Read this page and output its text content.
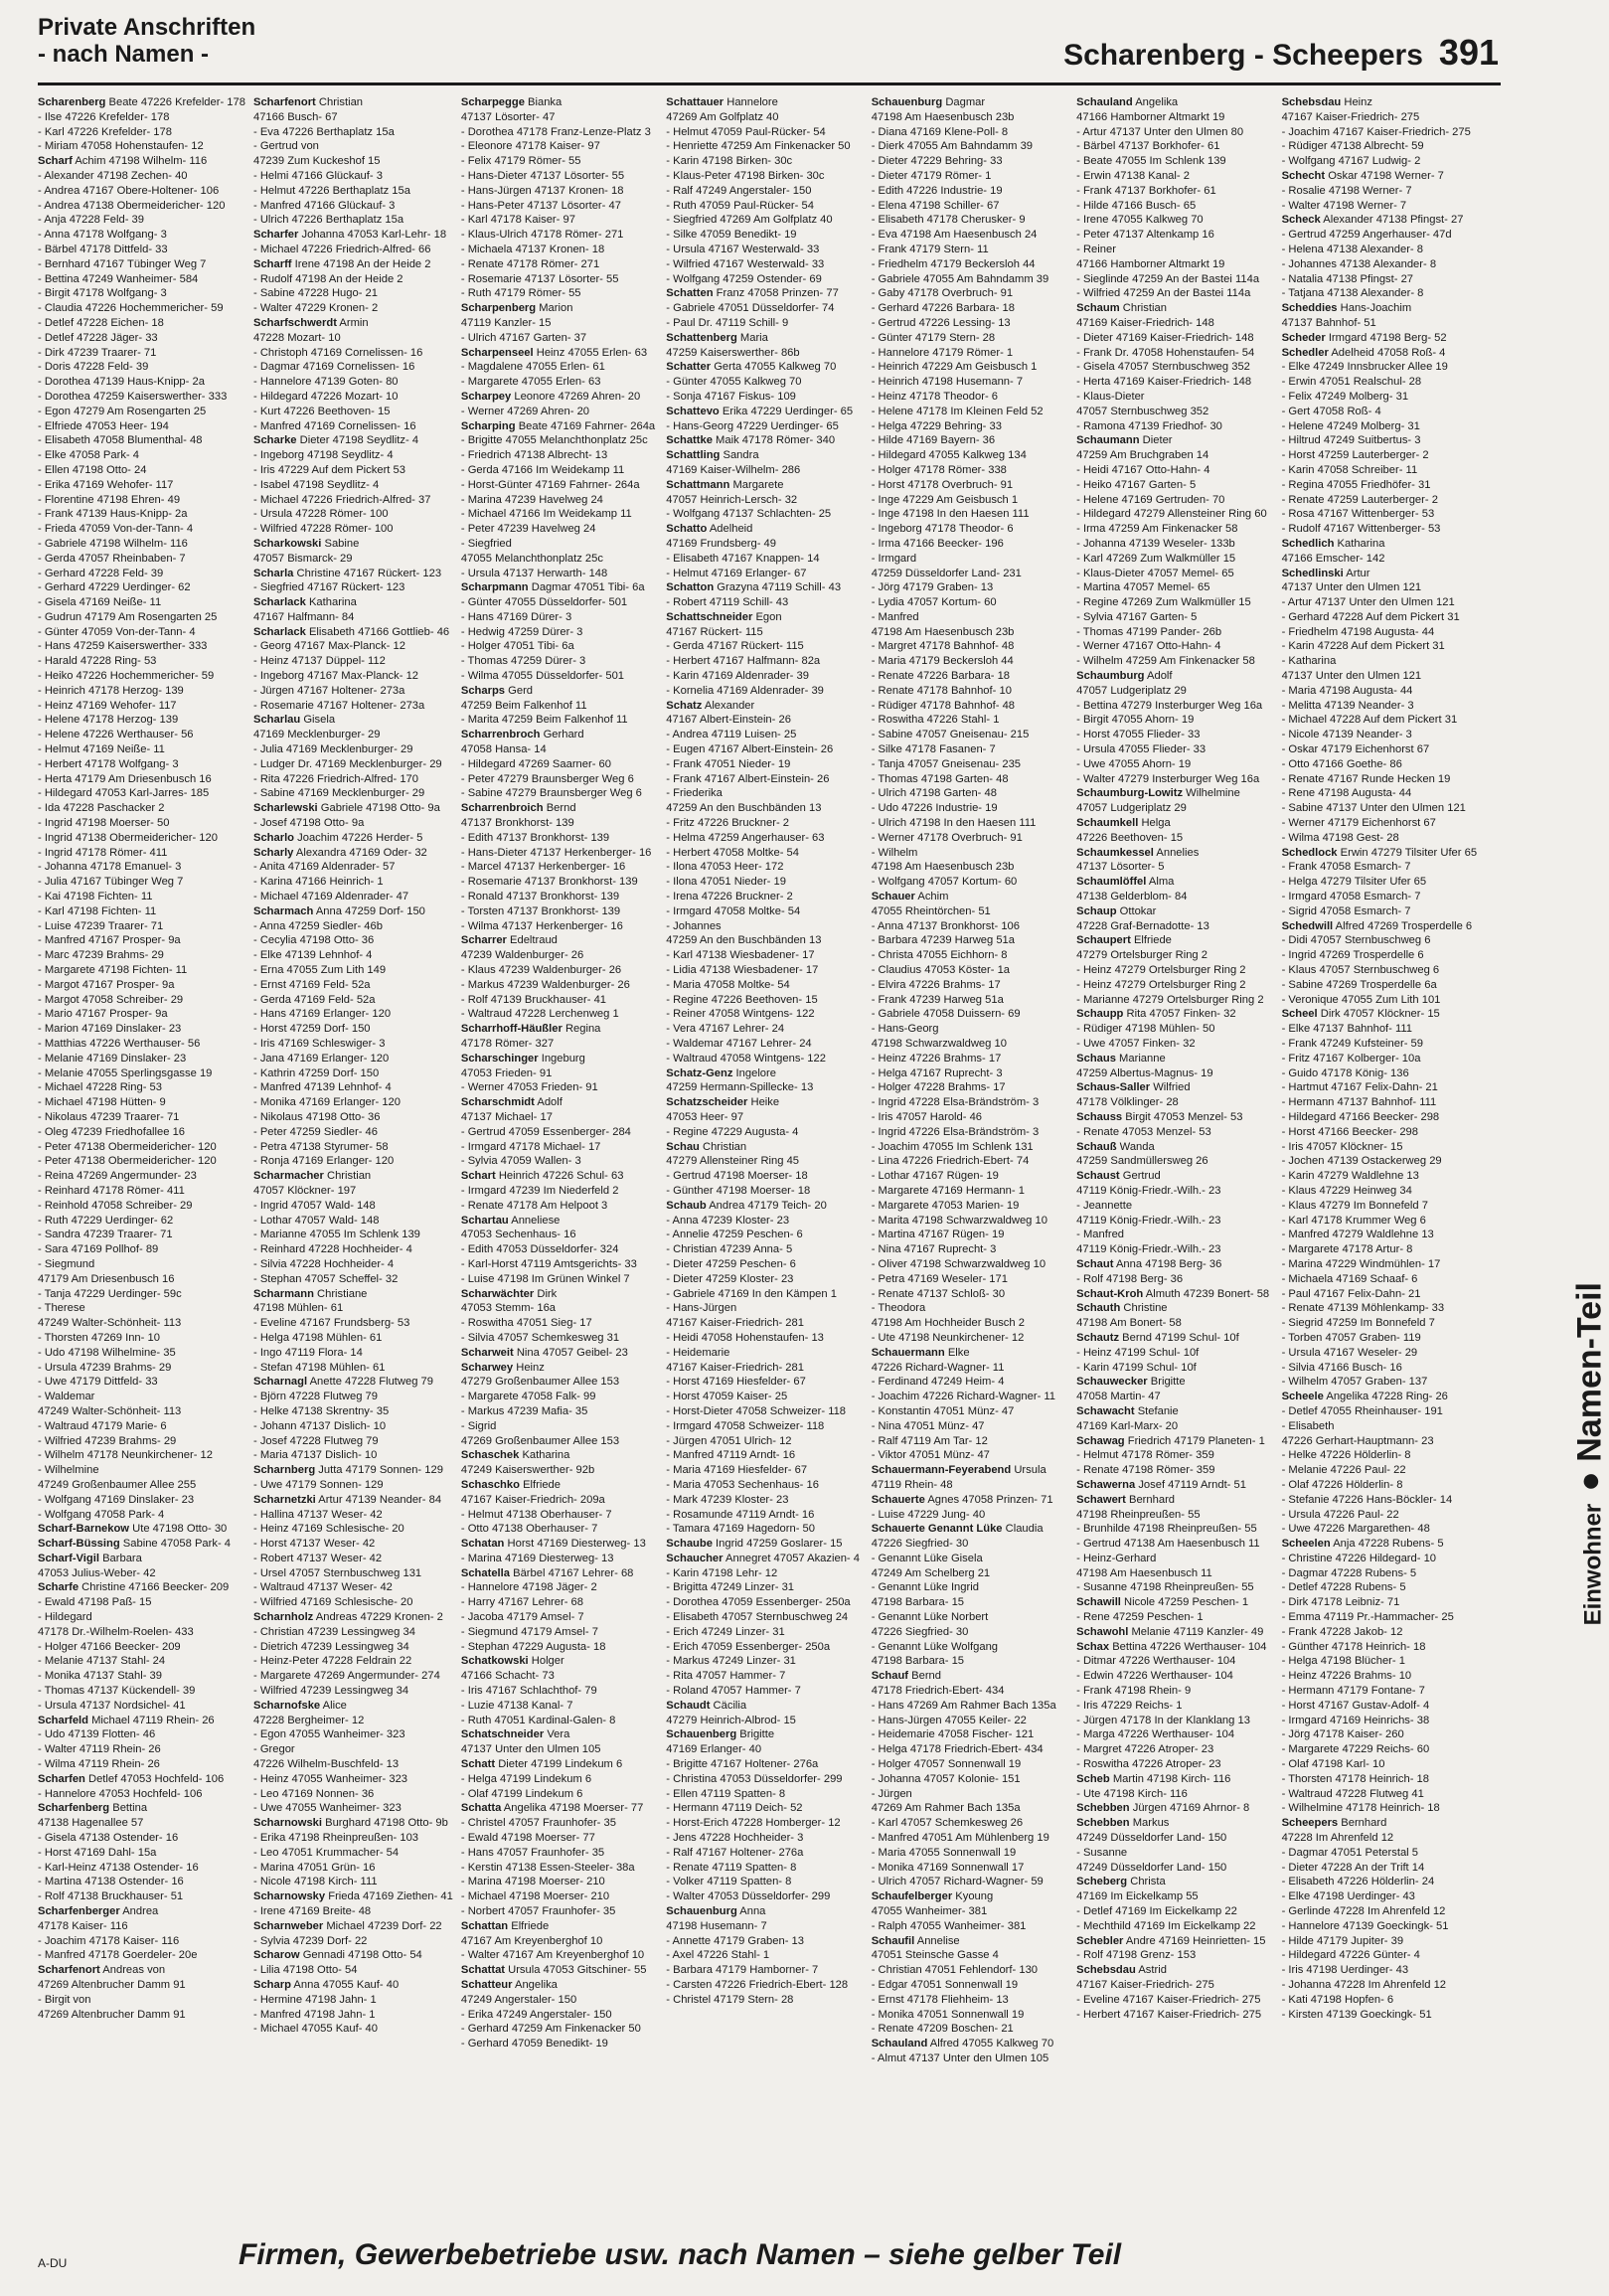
Private Anschriften
- nach Namen -	Scharenberg - Scheepers 391
Scharenberg Beate 47226 Krefelder- 178
- Ilse 47226 Krefelder- 178
- Karl 47226 Krefelder- 178
- Miriam 47058 Hohenstaufen- 12
Scharf Achim 47198 Wilhelm- 116
- Alexander 47198 Zechen- 40
- Andrea 47167 Obere-Holtener- 106
- Andrea 47138 Obermeidericher- 120
- Anja 47228 Feld- 39
- Anna 47178 Wolfgang- 3
- Bärbel 47178 Dittfeld- 33
- Bernhard 47167 Tübinger Weg 7
- Bettina 47249 Wanheimer- 584
- Birgit 47178 Wolfgang- 3
- Claudia 47226 Hochemmericher- 59
- Detlef 47228 Eichen- 18
- Detlef 47228 Jäger- 33
- Dirk 47239 Traarer- 71
- Doris 47228 Feld- 39
- Dorothea 47139 Haus-Knipp- 2a
- Dorothea 47259 Kaiserswerther- 333
- Egon 47279 Am Rosengarten 25
- Elfriede 47053 Heer- 194
- Elisabeth 47058 Blumenthal- 48
- Elke 47058 Park- 4
- Ellen 47198 Otto- 24
- Erika 47169 Wehofer- 117
- Florentine 47198 Ehren- 49
- Frank 47139 Haus-Knipp- 2a
- Frieda 47059 Von-der-Tann- 4
- Gabriele 47198 Wilhelm- 116
- Gerda 47057 Rheinbaben- 7
- Gerhard 47228 Feld- 39
- Gerhard 47229 Uerdinger- 62
- Gisela 47169 Neiße- 11
- Gudrun 47179 Am Rosengarten 25
- Günter 47059 Von-der-Tann- 4
- Hans 47259 Kaiserswerther- 333
- Harald 47228 Ring- 53
- Heiko 47226 Hochemmericher- 59
- Heinrich 47178 Herzog- 139
- Heinz 47169 Wehofer- 117
- Helene 47178 Herzog- 139
- Helene 47226 Werthauser- 56
- Helmut 47169 Neiße- 11
- Herbert 47178 Wolfgang- 3
- Herta 47179 Am Driesenbusch 16
- Hildegard 47053 Karl-Jarres- 185
- Ida 47228 Paschacker 2
- Ingrid 47198 Moerser- 50
- Ingrid 47138 Obermeidericher- 120
- Ingrid 47178 Römer- 411
- Johanna 47178 Emanuel- 3
- Julia 47167 Tübinger Weg 7
- Kai 47198 Fichten- 11
- Karl 47198 Fichten- 11
- Luise 47239 Traarer- 71
- Manfred 47167 Prosper- 9a
- Marc 47239 Brahms- 29
- Margarete 47198 Fichten- 11
- Margot 47167 Prosper- 9a
- Margot 47058 Schreiber- 29
- Mario 47167 Prosper- 9a
- Marion 47169 Dinslaker- 23
- Matthias 47226 Werthauser- 56
- Melanie 47169 Dinslaker- 23
- Melanie 47055 Sperlingsgasse 19
- Michael 47228 Ring- 53
- Michael 47198 Hütten- 9
- Nikolaus 47239 Traarer- 71
- Oleg 47239 Friedhofallee 16
- Peter 47138 Obermeidericher- 120
- Peter 47138 Obermeidericher- 120
- Reina 47269 Angermunder- 23
- Reinhard 47178 Römer- 411
- Reinhold 47058 Schreiber- 29
- Ruth 47229 Uerdinger- 62
- Sandra 47239 Traarer- 71
- Sara 47169 Pollhof- 89
- Siegmund
47179 Am Driesenbusch 16
- Tanja 47229 Uerdinger- 59c
- Therese
47249 Walter-Schönheit- 113
- Thorsten 47269 Inn- 10
- Udo 47198 Wilhelmine- 35
- Ursula 47239 Brahms- 29
- Uwe 47179 Dittfeld- 33
- Waldemar
47249 Walter-Schönheit- 113
- Waltraud 47179 Marie- 6
- Wilfried 47239 Brahms- 29
- Wilhelm 47178 Neunkirchener- 12
- Wilhelmine
47249 Großenbaumer Allee 255
- Wolfgang 47169 Dinslaker- 23
- Wolfgang 47058 Park- 4
Scharf-Barnekow Ute 47198 Otto- 30
Scharf-Büssing Sabine 47058 Park- 4
Scharf-Vigil Barbara
47053 Julius-Weber- 42
Scharfe Christine 47166 Beecker- 209
- Ewald 47198 Paß- 15
- Hildegard
47178 Dr.-Wilhelm-Roelen- 433
- Holger 47166 Beecker- 209
- Melanie 47137 Stahl- 24
- Monika 47137 Stahl- 39
- Thomas 47137 Kückendell- 39
- Ursula 47137 Nordsichel- 41
Scharfeld Michael 47119 Rhein- 26
- Udo 47139 Flotten- 46
- Walter 47119 Rhein- 26
- Wilma 47119 Rhein- 26
Scharfen Detlef 47053 Hochfeld- 106
- Hannelore 47053 Hochfeld- 106
Scharfenberg Bettina
47138 Hagenallee 57
- Gisela 47138 Ostender- 16
- Horst 47169 Dahl- 15a
- Karl-Heinz 47138 Ostender- 16
- Martina 47138 Ostender- 16
- Rolf 47138 Bruckhauser- 51
Scharfenberger Andrea
47178 Kaiser- 116
- Joachim 47178 Kaiser- 116
- Manfred 47178 Goerdeler- 20e
Scharfenort Andreas von
47269 Altenbrucher Damm 91
- Birgit von
47269 Altenbrucher Damm 91
Scharfenort Christian
47166 Busch- 67
- Eva 47226 Berthaplatz 15a
- Gertrud von
47239 Zum Kuckeshof 15
- Helmi 47166 Glückauf- 3
- Helmut 47226 Berthaplatz 15a
- Manfred 47166 Glückauf- 3
- Ulrich 47226 Berthaplatz 15a
Scharfer Johanna 47053 Karl-Lehr- 18
- Michael 47226 Friedrich-Alfred- 66
Scharff Irene 47198 An der Heide 2
- Rudolf 47198 An der Heide 2
- Sabine 47228 Hugo- 21
- Walter 47229 Kronen- 2
Scharfschwerdt Armin
47228 Mozart- 10
- Christoph 47169 Cornelissen- 16
- Dagmar 47169 Cornelissen- 16
- Hannelore 47139 Goten- 80
- Hildegard 47226 Mozart- 10
- Kurt 47226 Beethoven- 15
- Manfred 47169 Cornelissen- 16
Scharke Dieter 47198 Seydlitz- 4
- Ingeborg 47198 Seydlitz- 4
- Iris 47229 Auf dem Pickert 53
- Isabel 47198 Seydlitz- 4
- Michael 47226 Friedrich-Alfred- 37
- Ursula 47228 Römer- 100
- Wilfried 47228 Römer- 100
Scharkowski Sabine
47057 Bismarck- 29
Scharla Christine 47167 Rückert- 123
- Siegfried 47167 Rückert- 123
Scharlack Katharina
47167 Halfmann- 84
Scharlack Elisabeth 47166 Gottlieb- 46
- Georg 47167 Max-Planck- 12
- Heinz 47137 Düppel- 112
- Ingeborg 47167 Max-Planck- 12
- Jürgen 47167 Holtener- 273a
- Rosemarie 47167 Holtener- 273a
Scharlau Gisela
47169 Mecklenburger- 29
- Julia 47169 Mecklenburger- 29
- Ludger Dr. 47169 Mecklenburger- 29
- Rita 47226 Friedrich-Alfred- 170
- Sabine 47169 Mecklenburger- 29
Scharlewski Gabriele 47198 Otto- 9a
- Josef 47198 Otto- 9a
Scharlo Joachim 47226 Herder- 5
Scharly Alexandra 47169 Oder- 32
- Anita 47169 Aldenrader- 57
- Karina 47166 Heinrich- 1
- Michael 47169 Aldenrader- 47
Scharmach Anna 47259 Dorf- 150
- Anna 47259 Siedler- 46b
- Cecylia 47198 Otto- 36
- Elke 47139 Lehnhof- 4
- Erna 47055 Zum Lith 149
- Ernst 47169 Feld- 52a
- Gerda 47169 Feld- 52a
- Hans 47169 Erlanger- 120
- Horst 47259 Dorf- 150
- Iris 47169 Schleswiger- 3
- Jana 47169 Erlanger- 120
- Kathrin 47259 Dorf- 150
- Manfred 47139 Lehnhof- 4
- Monika 47169 Erlanger- 120
- Nikolaus 47198 Otto- 36
- Peter 47259 Siedler- 46
- Petra 47138 Styrumer- 58
- Ronja 47169 Erlanger- 120
Scharmacher Christian
47057 Klöckner- 197
- Ingrid 47057 Wald- 148
- Lothar 47057 Wald- 148
- Marianne 47055 Im Schlenk 139
- Reinhard 47228 Hochheider- 4
- Silvia 47228 Hochheider- 4
- Stephan 47057 Scheffel- 32
Scharmann Christiane
47198 Mühlen- 61
- Eveline 47167 Frundsberg- 53
- Helga 47198 Mühlen- 61
- Ingo 47119 Flora- 14
- Stefan 47198 Mühlen- 61
Scharnagl Anette 47228 Flutweg 79
- Björn 47228 Flutweg 79
- Helke 47138 Skrentny- 35
- Johann 47137 Dislich- 10
- Josef 47228 Flutweg 79
- Maria 47137 Dislich- 10
Scharnberg Jutta 47179 Sonnen- 129
- Uwe 47179 Sonnen- 129
Scharnetzki Artur 47139 Neander- 84
- Hallina 47137 Weser- 42
- Heinz 47169 Schlesische- 20
- Horst 47137 Weser- 42
- Robert 47137 Weser- 42
- Ursel 47057 Sternbuschweg 131
- Waltraud 47137 Weser- 42
- Wilfried 47169 Schlesische- 20
Scharnholz Andreas 47229 Kronen- 2
- Christian 47239 Lessingweg 34
- Dietrich 47239 Lessingweg 34
- Heinz-Peter 47228 Feldrain 22
- Margarete 47269 Angermunder- 274
- Wilfried 47239 Lessingweg 34
Scharnofske Alice
47228 Bergheimer- 12
- Egon 47055 Wanheimer- 323
- Gregor
47226 Wilhelm-Buschfeld- 13
- Heinz 47055 Wanheimer- 323
- Leo 47169 Nonnen- 36
- Uwe 47055 Wanheimer- 323
Scharnowski Burghard 47198 Otto- 9b
- Erika 47198 Rheinpreußen- 103
- Leo 47051 Krummacher- 54
- Marina 47051 Grün- 16
- Nicole 47198 Kirch- 111
Scharnowsky Frieda 47169 Ziethen- 41
- Irene 47169 Breite- 48
Scharnweber Michael 47239 Dorf- 22
- Sylvia 47239 Dorf- 22
Scharow Gennadi 47198 Otto- 54
- Lilia 47198 Otto- 54
Scharp Anna 47055 Kauf- 40
- Hermine 47198 Jahn- 1
- Manfred 47198 Jahn- 1
- Michael 47055 Kauf- 40
Scharpegge Bianka
47137 Lösorter- 47
- Dorothea 47178 Franz-Lenze-Platz 3
- Eleonore 47178 Kaiser- 97
- Felix 47179 Römer- 55
- Hans-Dieter 47137 Lösorter- 55
- Hans-Jürgen 47137 Kronen- 18
- Hans-Peter 47137 Lösorter- 47
- Karl 47178 Kaiser- 97
- Klaus-Ulrich 47178 Römer- 271
- Michaela 47137 Kronen- 18
- Renate 47178 Römer- 271
- Rosemarie 47137 Lösorter- 55
- Ruth 47179 Römer- 55
Scharpenberg Marion
47119 Kanzler- 15
- Ulrich 47167 Garten- 37
Scharpenseel Heinz 47055 Erlen- 63
- Magdalene 47055 Erlen- 61
- Margarete 47055 Erlen- 63
Scharpey Leonore 47269 Ahren- 20
- Werner 47269 Ahren- 20
Scharping Beate 47169 Fahrner- 264a
- Brigitte 47055 Melanchthonplatz 25c
- Friedrich 47138 Albrecht- 13
- Gerda 47166 Im Weidekamp 11
- Horst-Günter 47169 Fahrner- 264a
- Marina 47239 Havelweg 24
- Michael 47166 Im Weidekamp 11
- Peter 47239 Havelweg 24
- Siegfried
47055 Melanchthonplatz 25c
- Ursula 47137 Herwarth- 148
Scharpmann Dagmar 47051 Tibi- 6a
- Günter 47055 Düsseldorfer- 501
- Hans 47169 Dürer- 3
- Hedwig 47259 Dürer- 3
- Holger 47051 Tibi- 6a
- Thomas 47259 Dürer- 3
- Wilma 47055 Düsseldorfer- 501
Scharps Gerd
47259 Beim Falkenhof 11
- Marita 47259 Beim Falkenhof 11
Scharrenbroch Gerhard
47058 Hansa- 14
- Hildegard 47269 Saarner- 60
- Peter 47279 Braunsberger Weg 6
- Sabine 47279 Braunsberger Weg 6
Scharrenbroich Bernd
47137 Bronkhorst- 139
- Edith 47137 Bronkhorst- 139
- Hans-Dieter 47137 Herkenberger- 16
- Marcel 47137 Herkenberger- 16
- Rosemarie 47137 Bronkhorst- 139
- Ronald 47137 Bronkhorst- 139
- Torsten 47137 Bronkhorst- 139
- Wilma 47137 Herkenberger- 16
Scharrer Edeltraud
47239 Waldenburger- 26
- Klaus 47239 Waldenburger- 26
- Markus 47239 Waldenburger- 26
- Rolf 47139 Bruckhauser- 41
- Waltraud 47228 Lerchenweg 1
Scharrhoff-Häußler Regina
47178 Römer- 327
Scharschinger Ingeburg
47053 Frieden- 91
- Werner 47053 Frieden- 91
Scharschmidt Adolf
47137 Michael- 17
- Gertrud 47059 Essenberger- 284
- Irmgard 47178 Michael- 17
- Sylvia 47059 Wallen- 3
Schart Heinrich 47226 Schul- 63
- Irmgard 47239 Im Niederfeld 2
- Renate 47178 Am Helpoot 3
Schartau Anneliese
47053 Sechenhaus- 16
- Edith 47053 Düsseldorfer- 324
- Karl-Horst 47119 Amtsgerichts- 33
- Luise 47198 Im Grünen Winkel 7
Scharwächter Dirk
47053 Stemm- 16a
- Roswitha 47051 Sieg- 17
- Silvia 47057 Schemkesweg 31
Scharweit Nina 47057 Geibel- 23
Scharwey Heinz
47279 Großenbaumer Allee 153
- Margarete 47058 Falk- 99
- Markus 47239 Mafia- 35
- Sigrid
47269 Großenbaumer Allee 153
Schaschek Katharina
47249 Kaiserswerther- 92b
Schaschko Elfriede
47167 Kaiser-Friedrich- 209a
- Helmut 47138 Oberhauser- 7
- Otto 47138 Oberhauser- 7
Schatan Horst 47169 Diesterweg- 13
- Marina 47169 Diesterweg- 13
Schatella Bärbel 47167 Lehrer- 68
- Hannelore 47198 Jäger- 2
- Harry 47167 Lehrer- 68
- Jacoba 47179 Amsel- 7
- Siegmund 47179 Amsel- 7
- Stephan 47229 Augusta- 18
Schatkowski Holger
47166 Schacht- 73
- Iris 47167 Schlachthof- 79
- Luzie 47138 Kanal- 7
- Ruth 47051 Kardinal-Galen- 8
Schatschneider Vera
47137 Unter den Ulmen 105
Schatt Dieter 47199 Lindekum 6
- Helga 47199 Lindekum 6
- Olaf 47199 Lindekum 6
Schatta Angelika 47198 Moerser- 77
- Christel 47057 Fraunhofer- 35
- Ewald 47198 Moerser- 77
- Hans 47057 Fraunhofer- 35
- Kerstin 47138 Essen-Steeler- 38a
- Marina 47198 Moerser- 210
- Michael 47198 Moerser- 210
- Norbert 47057 Fraunhofer- 35
Schattan Elfriede
47167 Am Kreyenberghof 10
- Walter 47167 Am Kreyenberghof 10
Schattat Ursula 47053 Gitschiner- 55
Schatteur Angelika
47249 Angerstaler- 150
- Erika 47249 Angerstaler- 150
- Gerhard 47259 Am Finkenacker 50
- Gerhard 47059 Benedikt- 19
Schattauer Hannelore
47269 Am Golfplatz 40
- Helmut 47059 Paul-Rücker- 54
- Henriette 47259 Am Finkenacker 50
- Karin 47198 Birken- 30c
- Klaus-Peter 47198 Birken- 30c
- Ralf 47249 Angerstaler- 150
- Ruth 47059 Paul-Rücker- 54
- Siegfried 47269 Am Golfplatz 40
- Silke 47059 Benedikt- 19
- Ursula 47167 Westerwald- 33
- Wilfried 47167 Westerwald- 33
- Wolfgang 47259 Ostender- 69
Schatten Franz 47058 Prinzen- 77
- Gabriele 47051 Düsseldorfer- 74
- Paul Dr. 47119 Schill- 9
Schattenberg Maria
47259 Kaiserswerther- 86b
Schatter Gerta 47055 Kalkweg 70
- Günter 47055 Kalkweg 70
- Sonja 47167 Fiskus- 109
Schattevo Erika 47229 Uerdinger- 65
- Hans-Georg 47229 Uerdinger- 65
Schattke Maik 47178 Römer- 340
Schattling Sandra
47169 Kaiser-Wilhelm- 286
Schattmann Margarete
47057 Heinrich-Lersch- 32
- Wolfgang 47137 Schlachten- 25
Schatto Adelheid
47169 Frundsberg- 49
- Elisabeth 47167 Knappen- 14
- Helmut 47169 Erlanger- 67
Schatton Grazyna 47119 Schill- 43
- Robert 47119 Schill- 43
Schattschneider Egon
47167 Rückert- 115
- Gerda 47167 Rückert- 115
- Herbert 47167 Halfmann- 82a
- Karin 47169 Aldenrader- 39
- Kornelia 47169 Aldenrader- 39
Schatz Alexander
47167 Albert-Einstein- 26
- Andrea 47119 Luisen- 25
- Eugen 47167 Albert-Einstein- 26
- Frank 47051 Nieder- 19
- Frank 47167 Albert-Einstein- 26
- Friederika
47259 An den Buschbänden 13
- Fritz 47226 Bruckner- 2
- Helma 47259 Angerhauser- 63
- Herbert 47058 Moltke- 54
- Ilona 47053 Heer- 172
- Ilona 47051 Nieder- 19
- Irena 47226 Bruckner- 2
- Irmgard 47058 Moltke- 54
- Johannes
47259 An den Buschbänden 13
- Karl 47138 Wiesbadener- 17
- Lidia 47138 Wiesbadener- 17
- Maria 47058 Moltke- 54
- Regine 47226 Beethoven- 15
- Reiner 47058 Wintgens- 122
- Vera 47167 Lehrer- 24
- Waldemar 47167 Lehrer- 24
- Waltraud 47058 Wintgens- 122
Schatz-Genz Ingelore
47259 Hermann-Spillecke- 13
Schatzscheider Heike
47053 Heer- 97
- Regine 47229 Augusta- 4
Schau Christian
47279 Allensteiner Ring 45
- Gertrud 47198 Moerser- 18
- Günther 47198 Moerser- 18
Schaub Andrea 47179 Teich- 20
- Anna 47239 Kloster- 23
- Annelie 47259 Peschen- 6
- Christian 47239 Anna- 5
- Dieter 47259 Peschen- 6
- Dieter 47259 Kloster- 23
- Gabriele 47169 In den Kämpen 1
- Hans-Jürgen
47167 Kaiser-Friedrich- 281
- Heidi 47058 Hohenstaufen- 13
- Heidemarie
47167 Kaiser-Friedrich- 281
- Horst 47169 Hiesfelder- 67
- Horst 47059 Kaiser- 25
- Horst-Dieter 47058 Schweizer- 118
- Irmgard 47058 Schweizer- 118
- Jürgen 47051 Ulrich- 12
- Manfred 47119 Arndt- 16
- Maria 47169 Hiesfelder- 67
- Maria 47053 Sechenhaus- 16
- Mark 47239 Kloster- 23
- Rosamunde 47119 Arndt- 16
- Tamara 47169 Hagedorn- 50
Schaube Ingrid 47259 Goslarer- 15
Schaucher Annegret 47057 Akazien- 4
- Karin 47198 Lehr- 12
- Brigitta 47249 Linzer- 31
- Dorothea 47059 Essenberger- 250a
- Elisabeth 47057 Sternbuschweg 24
- Erich 47249 Linzer- 31
- Erich 47059 Essenberger- 250a
- Markus 47249 Linzer- 31
- Rita 47057 Hammer- 7
- Roland 47057 Hammer- 7
Schaudt Cäcilia
47279 Heinrich-Albrod- 15
Schauenberg Brigitte
47169 Erlanger- 40
- Brigitte 47167 Holtener- 276a
- Christina 47053 Düsseldorfer- 299
- Ellen 47119 Spatten- 8
- Hermann 47119 Deich- 52
- Horst-Erich 47228 Homberger- 12
- Jens 47228 Hochheider- 3
- Ralf 47167 Holtener- 276a
- Renate 47119 Spatten- 8
- Volker 47119 Spatten- 8
- Walter 47053 Düsseldorfer- 299
Schauenburg Anna
47198 Husemann- 7
- Annette 47179 Graben- 13
- Axel 47226 Stahl- 1
- Barbara 47179 Hamborner- 7
- Carsten 47226 Friedrich-Ebert- 128
- Christel 47179 Stern- 28
Schauenburg Dagmar
47198 Am Haesenbusch 23b
- Diana 47169 Klene-Poll- 8
- Dierk 47055 Am Bahndamm 39
- Dieter 47229 Behring- 33
- Dieter 47179 Römer- 1
- Edith 47226 Industrie- 19
- Elena 47198 Schiller- 67
- Elisabeth 47178 Cherusker- 9
- Eva 47198 Am Haesenbusch 24
- Frank 47179 Stern- 11
- Friedhelm 47179 Beckersloh 44
- Gabriele 47055 Am Bahndamm 39
- Gaby 47178 Overbruch- 91
- Gerhard 47226 Barbara- 18
- Gertrud 47226 Lessing- 13
- Günter 47179 Stern- 28
- Hannelore 47179 Römer- 1
- Heinrich 47229 Am Geisbusch 1
- Heinrich 47198 Husemann- 7
- Heinz 47178 Theodor- 6
- Helene 47178 Im Kleinen Feld 52
- Helga 47229 Behring- 33
- Hilde 47169 Bayern- 36
- Hildegard 47055 Kalkweg 134
- Holger 47178 Römer- 338
- Horst 47178 Overbruch- 91
- Inge 47229 Am Geisbusch 1
- Inge 47198 In den Haesen 111
- Ingeborg 47178 Theodor- 6
- Irma 47166 Beecker- 196
- Irmgard
47259 Düsseldorfer Land- 231
- Jörg 47179 Graben- 13
- Lydia 47057 Kortum- 60
- Manfred
47198 Am Haesenbusch 23b
- Margret 47178 Bahnhof- 48
- Maria 47179 Beckersloh 44
- Renate 47226 Barbara- 18
- Renate 47178 Bahnhof- 10
- Rüdiger 47178 Bahnhof- 48
- Roswitha 47226 Stahl- 1
- Sabine 47057 Gneisenau- 215
- Silke 47178 Fasanen- 7
- Tanja 47057 Gneisenau- 235
- Thomas 47198 Garten- 48
- Ulrich 47198 Garten- 48
- Udo 47226 Industrie- 19
- Ulrich 47198 In den Haesen 111
- Werner 47178 Overbruch- 91
- Wilhelm
47198 Am Haesenbusch 23b
- Wolfgang 47057 Kortum- 60
Schauer Achim
47055 Rheintörchen- 51
- Anna 47137 Bronkhorst- 106
- Barbara 47239 Harweg 51a
- Christa 47055 Eichhorn- 8
- Claudius 47053 Köster- 1a
- Elvira 47226 Brahms- 17
- Frank 47239 Harweg 51a
- Gabriele 47058 Duissern- 69
- Hans-Georg
47198 Schwarzwaldweg 10
- Heinz 47226 Brahms- 17
- Helga 47167 Ruprecht- 3
- Holger 47228 Brahms- 17
- Ingrid 47228 Elsa-Brändström- 3
- Iris 47057 Harold- 46
- Ingrid 47226 Elsa-Brändström- 3
- Joachim 47055 Im Schlenk 131
- Lina 47226 Friedrich-Ebert- 74
- Lothar 47167 Rügen- 19
- Margarete 47169 Hermann- 1
- Margarete 47053 Marien- 19
- Marita 47198 Schwarzwaldweg 10
- Martina 47167 Rügen- 19
- Nina 47167 Ruprecht- 3
- Oliver 47198 Schwarzwaldweg 10
- Petra 47169 Weseler- 171
- Renate 47137 Schloß- 30
- Theodora
47198 Am Hochheider Busch 2
- Ute 47198 Neunkirchener- 12
Schauermann Elke
47226 Richard-Wagner- 11
- Ferdinand 47249 Heim- 4
- Joachim 47226 Richard-Wagner- 11
- Konstantin 47051 Münz- 47
- Nina 47051 Münz- 47
- Ralf 47119 Am Tar- 12
- Viktor 47051 Münz- 47
Schauermann-Feyerabend Ursula
47119 Rhein- 48
Schauerte Agnes 47058 Prinzen- 71
- Luise 47229 Jung- 40
Schauerte Genannt Lüke Claudia
47226 Siegfried- 30
- Genannt Lüke Gisela
47249 Am Schelberg 21
- Genannt Lüke Ingrid
47198 Barbara- 15
- Genannt Lüke Norbert
47226 Siegfried- 30
- Genannt Lüke Wolfgang
47198 Barbara- 15
Schauf Bernd
47178 Friedrich-Ebert- 434
- Hans 47269 Am Rahmer Bach 135a
- Hans-Jürgen 47055 Keiler- 22
- Heidemarie 47058 Fischer- 121
- Helga 47178 Friedrich-Ebert- 434
- Holger 47057 Sonnenwall 19
- Johanna 47057 Kolonie- 151
- Jürgen
47269 Am Rahmer Bach 135a
- Karl 47057 Schemkesweg 26
- Manfred 47051 Am Mühlenberg 19
- Maria 47055 Sonnenwall 19
- Monika 47169 Sonnenwall 17
- Ulrich 47057 Richard-Wagner- 59
Schaufelberger Kyoung
47055 Wanheimer- 381
- Ralph 47055 Wanheimer- 381
Schaufil Annelise
47051 Steinsche Gasse 4
- Christian 47051 Fehlendorf- 130
- Edgar 47051 Sonnenwall 19
- Ernst 47178 Fliehheim- 13
- Monika 47051 Sonnenwall 19
- Renate 47209 Boschen- 21
Schauland Alfred 47055 Kalkweg 70
- Almut 47137 Unter den Ulmen 105
Schauland Angelika
47166 Hamborner Altmarkt 19
- Artur 47137 Unter den Ulmen 80
- Bärbel 47137 Borkhofer- 61
- Beate 47055 Im Schlenk 139
- Erwin 47138 Kanal- 2
- Frank 47137 Borkhofer- 61
- Hilde 47166 Busch- 65
- Irene 47055 Kalkweg 70
- Peter 47137 Altenkamp 16
- Reiner
47166 Hamborner Altmarkt 19
- Sieglinde 47259 An der Bastei 114a
- Wilfried 47259 An der Bastei 114a
Schaum Christian
47169 Kaiser-Friedrich- 148
- Dieter 47169 Kaiser-Friedrich- 148
- Frank Dr. 47058 Hohenstaufen- 54
- Gisela 47057 Sternbuschweg 352
- Herta 47169 Kaiser-Friedrich- 148
- Klaus-Dieter
47057 Sternbuschweg 352
- Ramona 47139 Friedhof- 30
Schaumann Dieter
47259 Am Bruchgraben 14
- Heidi 47167 Otto-Hahn- 4
- Heiko 47167 Garten- 5
- Helene 47169 Gertruden- 70
- Hildegard 47279 Allensteiner Ring 60
- Irma 47259 Am Finkenacker 58
- Johanna 47139 Weseler- 133b
- Karl 47269 Zum Walkmüller 15
- Klaus-Dieter 47057 Memel- 65
- Martina 47057 Memel- 65
- Regine 47269 Zum Walkmüller 15
- Sylvia 47167 Garten- 5
- Thomas 47199 Pander- 26b
- Werner 47167 Otto-Hahn- 4
- Wilhelm 47259 Am Finkenacker 58
Schaumburg Adolf
47057 Ludgeriplatz 29
- Bettina 47279 Insterburger Weg 16a
- Birgit 47055 Ahorn- 19
- Horst 47055 Flieder- 33
- Ursula 47055 Flieder- 33
- Uwe 47055 Ahorn- 19
- Walter 47279 Insterburger Weg 16a
Schaumburg-Lowitz Wilhelmine
47057 Ludgeriplatz 29
Schaumkell Helga
47226 Beethoven- 15
Schaumkessel Annelies
47137 Lösorter- 5
Schaumlöffel Alma
47138 Gelderblom- 84
Schaup Ottokar
47228 Graf-Bernadotte- 13
Schaupert Elfriede
47279 Ortelsburger Ring 2
- Heinz 47279 Ortelsburger Ring 2
- Heinz 47279 Ortelsburger Ring 2
- Marianne 47279 Ortelsburger Ring 2
Schaupp Rita 47057 Finken- 32
- Rüdiger 47198 Mühlen- 50
- Uwe 47057 Finken- 32
Schaus Marianne
47259 Albertus-Magnus- 19
Schaus-Saller Wilfried
47178 Völklinger- 28
Schauss Birgit 47053 Menzel- 53
- Renate 47053 Menzel- 53
Schauß Wanda
47259 Sandmüllersweg 26
Schaust Gertrud
47119 König-Friedr.-Wilh.- 23
- Jeannette
47119 König-Friedr.-Wilh.- 23
- Manfred
47119 König-Friedr.-Wilh.- 23
Schaut Anna 47198 Berg- 36
- Rolf 47198 Berg- 36
Schaut-Kroh Almuth 47239 Bonert- 58
Schauth Christine
47198 Am Bonert- 58
Schautz Bernd 47199 Schul- 10f
- Heinz 47199 Schul- 10f
- Karin 47199 Schul- 10f
Schauwecker Brigitte
47058 Martin- 47
Schawacht Stefanie
47169 Karl-Marx- 20
Schawag Friedrich 47179 Planeten- 1
- Helmut 47178 Römer- 359
- Renate 47198 Römer- 359
Schawerna Josef 47119 Arndt- 51
Schawert Bernhard
47198 Rheinpreußen- 55
- Brunhilde 47198 Rheinpreußen- 55
- Gertrud 47138 Am Haesenbusch 11
- Heinz-Gerhard
47198 Am Haesenbusch 11
- Susanne 47198 Rheinpreußen- 55
Schawill Nicole 47259 Peschen- 1
- Rene 47259 Peschen- 1
Schawohl Melanie 47119 Kanzler- 49
Schax Bettina 47226 Werthauser- 104
- Ditmar 47226 Werthauser- 104
- Edwin 47226 Werthauser- 104
- Frank 47198 Rhein- 9
- Iris 47229 Reichs- 1
- Jürgen 47178 In der Klanklang 13
- Marga 47226 Werthauser- 104
- Margret 47226 Atroper- 23
- Roswitha 47226 Atroper- 23
Scheb Martin 47198 Kirch- 116
- Ute 47198 Kirch- 116
Schebben Jürgen 47169 Ahrnor- 8
Schebben Markus
47249 Düsseldorfer Land- 150
- Susanne
47249 Düsseldorfer Land- 150
Scheberg Christa
47169 Im Eickelkamp 55
- Detlef 47169 Im Eickelkamp 22
- Mechthild 47169 Im Eickelkamp 22
Schebler Andre 47169 Heinrietten- 15
- Rolf 47198 Grenz- 153
Schebsdau Astrid
47167 Kaiser-Friedrich- 275
- Eveline 47167 Kaiser-Friedrich- 275
- Herbert 47167 Kaiser-Friedrich- 275
Schebsdau Heinz
47167 Kaiser-Friedrich- 275
- Joachim 47167 Kaiser-Friedrich- 275
- Rüdiger 47138 Albrecht- 59
- Wolfgang 47167 Ludwig- 2
Schecht Oskar 47198 Werner- 7
- Rosalie 47198 Werner- 7
- Walter 47198 Werner- 7
Scheck Alexander 47138 Pfingst- 27
- Gertrud 47259 Angerhauser- 47d
- Helena 47138 Alexander- 8
- Johannes 47138 Alexander- 8
- Natalia 47138 Pfingst- 27
- Tatjana 47138 Alexander- 8
Scheddies Hans-Joachim
47137 Bahnhof- 51
Scheder Irmgard 47198 Berg- 52
Schedler Adelheid 47058 Roß- 4
- Elke 47249 Innsbrucker Allee 19
- Erwin 47051 Realschul- 28
- Felix 47249 Molberg- 31
- Gert 47058 Roß- 4
- Helene 47249 Molberg- 31
- Hiltrud 47249 Suitbertus- 3
- Horst 47259 Lauterberger- 2
- Karin 47058 Schreiber- 11
- Regina 47055 Friedhöfer- 31
- Renate 47259 Lauterberger- 2
- Rosa 47167 Wittenberger- 53
- Rudolf 47167 Wittenberger- 53
Schedlich Katharina
47166 Emscher- 142
Schedlinski Artur
47137 Unter den Ulmen 121
- Artur 47137 Unter den Ulmen 121
- Gerhard 47228 Auf dem Pickert 31
- Friedhelm 47198 Augusta- 44
- Karin 47228 Auf dem Pickert 31
- Katharina
47137 Unter den Ulmen 121
- Maria 47198 Augusta- 44
- Melitta 47139 Neander- 3
- Michael 47228 Auf dem Pickert 31
- Nicole 47139 Neander- 3
- Oskar 47179 Eichenhorst 67
- Otto 47166 Goethe- 86
- Renate 47167 Runde Hecken 19
- Rene 47198 Augusta- 44
- Sabine 47137 Unter den Ulmen 121
- Werner 47179 Eichenhorst 67
- Wilma 47198 Gest- 28
Schedlock Erwin 47279 Tilsiter Ufer 65
- Frank 47058 Esmarch- 7
- Helga 47279 Tilsiter Ufer 65
- Irmgard 47058 Esmarch- 7
- Sigrid 47058 Esmarch- 7
Schedwill Alfred 47269 Trosperdelle 6
- Didi 47057 Sternbuschweg 6
- Ingrid 47269 Trosperdelle 6
- Klaus 47057 Sternbuschweg 6
- Sabine 47269 Trosperdelle 6a
- Veronique 47055 Zum Lith 101
Scheel Dirk 47057 Klöckner- 15
- Elke 47137 Bahnhof- 111
- Frank 47249 Kufsteiner- 59
- Fritz 47167 Kolberger- 10a
- Guido 47178 König- 136
- Hartmut 47167 Felix-Dahn- 21
- Hermann 47137 Bahnhof- 111
- Hildegard 47166 Beecker- 298
- Horst 47166 Beecker- 298
- Iris 47057 Klöckner- 15
- Jochen 47139 Ostackerweg 29
- Karin 47279 Waldlehne 13
- Klaus 47229 Heinweg 34
- Klaus 47279 Im Bonnefeld 7
- Karl 47178 Krummer Weg 6
- Manfred 47279 Waldlehne 13
- Margarete 47178 Artur- 8
- Marina 47229 Windmühlen- 17
- Michaela 47169 Schaaf- 6
- Paul 47167 Felix-Dahn- 21
- Renate 47139 Möhlenkamp- 33
- Siegrid 47259 Im Bonnefeld 7
- Torben 47057 Graben- 119
- Ursula 47167 Weseler- 29
- Silvia 47166 Busch- 16
- Wilhelm 47057 Graben- 137
Scheele Angelika 47228 Ring- 26
- Detlef 47055 Rheinhauser- 191
- Elisabeth
47226 Gerhart-Hauptmann- 23
- Helke 47226 Hölderlin- 8
- Melanie 47226 Paul- 22
- Olaf 47226 Hölderlin- 8
- Stefanie 47226 Hans-Böckler- 14
- Ursula 47226 Paul- 22
- Uwe 47226 Margarethen- 48
Scheelen Anja 47228 Rubens- 5
- Christine 47226 Hildegard- 10
- Dagmar 47228 Rubens- 5
- Detlef 47228 Rubens- 5
- Dirk 47178 Leibniz- 71
- Emma 47119 Pr.-Hammacher- 25
- Frank 47228 Jakob- 12
- Günther 47178 Heinrich- 18
- Helga 47198 Blücher- 1
- Heinz 47226 Brahms- 10
- Hermann 47179 Fontane- 7
- Horst 47167 Gustav-Adolf- 4
- Irmgard 47169 Heinrichs- 38
- Jörg 47178 Kaiser- 260
- Margarete 47229 Reichs- 60
- Olaf 47198 Karl- 10
- Thorsten 47178 Heinrich- 18
- Waltraud 47228 Flutweg 41
- Wilhelmine 47178 Heinrich- 18
Scheepers Bernhard
47228 Im Ahrenfeld 12
- Dagmar 47051 Peterstal 5
- Dieter 47228 An der Trift 14
- Elisabeth 47226 Hölderlin- 24
- Elke 47198 Uerdinger- 43
- Gerlinde 47228 Im Ahrenfeld 12
- Hannelore 47139 Goeckingk- 51
- Hilde 47179 Jupiter- 39
- Hildegard 47226 Günter- 4
- Iris 47198 Uerdinger- 43
- Johanna 47228 Im Ahrenfeld 12
- Kati 47198 Hopfen- 6
- Kirsten 47139 Goeckingk- 51
Einwohner● Namen-Teil
A-DU	Firmen, Gewerbebetriebe usw. nach Namen – siehe gelber Teil
